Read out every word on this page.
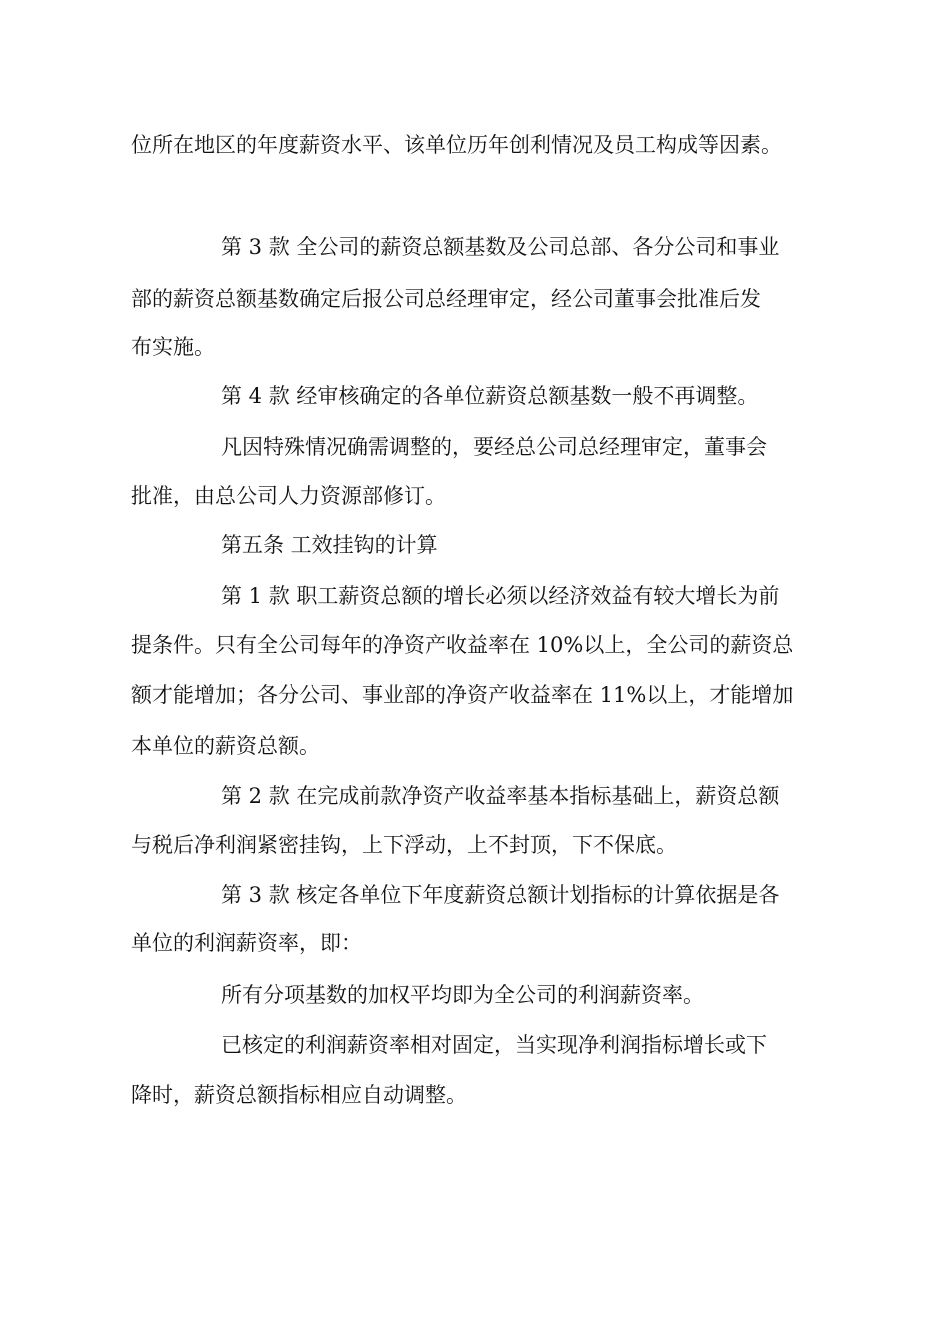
位所在地区的年度薪资水平、该单位历年创利情况及员工构成等因素。
第 3 款 全公司的薪资总额基数及公司总部、各分公司和事业
部的薪资总额基数确定后报公司总经理审定，经公司董事会批准后发
布实施。
第 4 款 经审核确定的各单位薪资总额基数一般不再调整。
凡因特殊情况确需调整的，要经总公司总经理审定，董事会
批准，由总公司人力资源部修订。
第五条 工效挂钩的计算
第 1 款 职工薪资总额的增长必须以经济效益有较大增长为前
提条件。只有全公司每年的净资产收益率在 10%以上，全公司的薪资总
额才能增加；各分公司、事业部的净资产收益率在 11%以上，才能增加
本单位的薪资总额。
第 2 款 在完成前款净资产收益率基本指标基础上，薪资总额
与税后净利润紧密挂钩，上下浮动，上不封顶，下不保底。
第 3 款 核定各单位下年度薪资总额计划指标的计算依据是各
单位的利润薪资率，即：
所有分项基数的加权平均即为全公司的利润薪资率。
已核定的利润薪资率相对固定，当实现净利润指标增长或下
降时，薪资总额指标相应自动调整。
